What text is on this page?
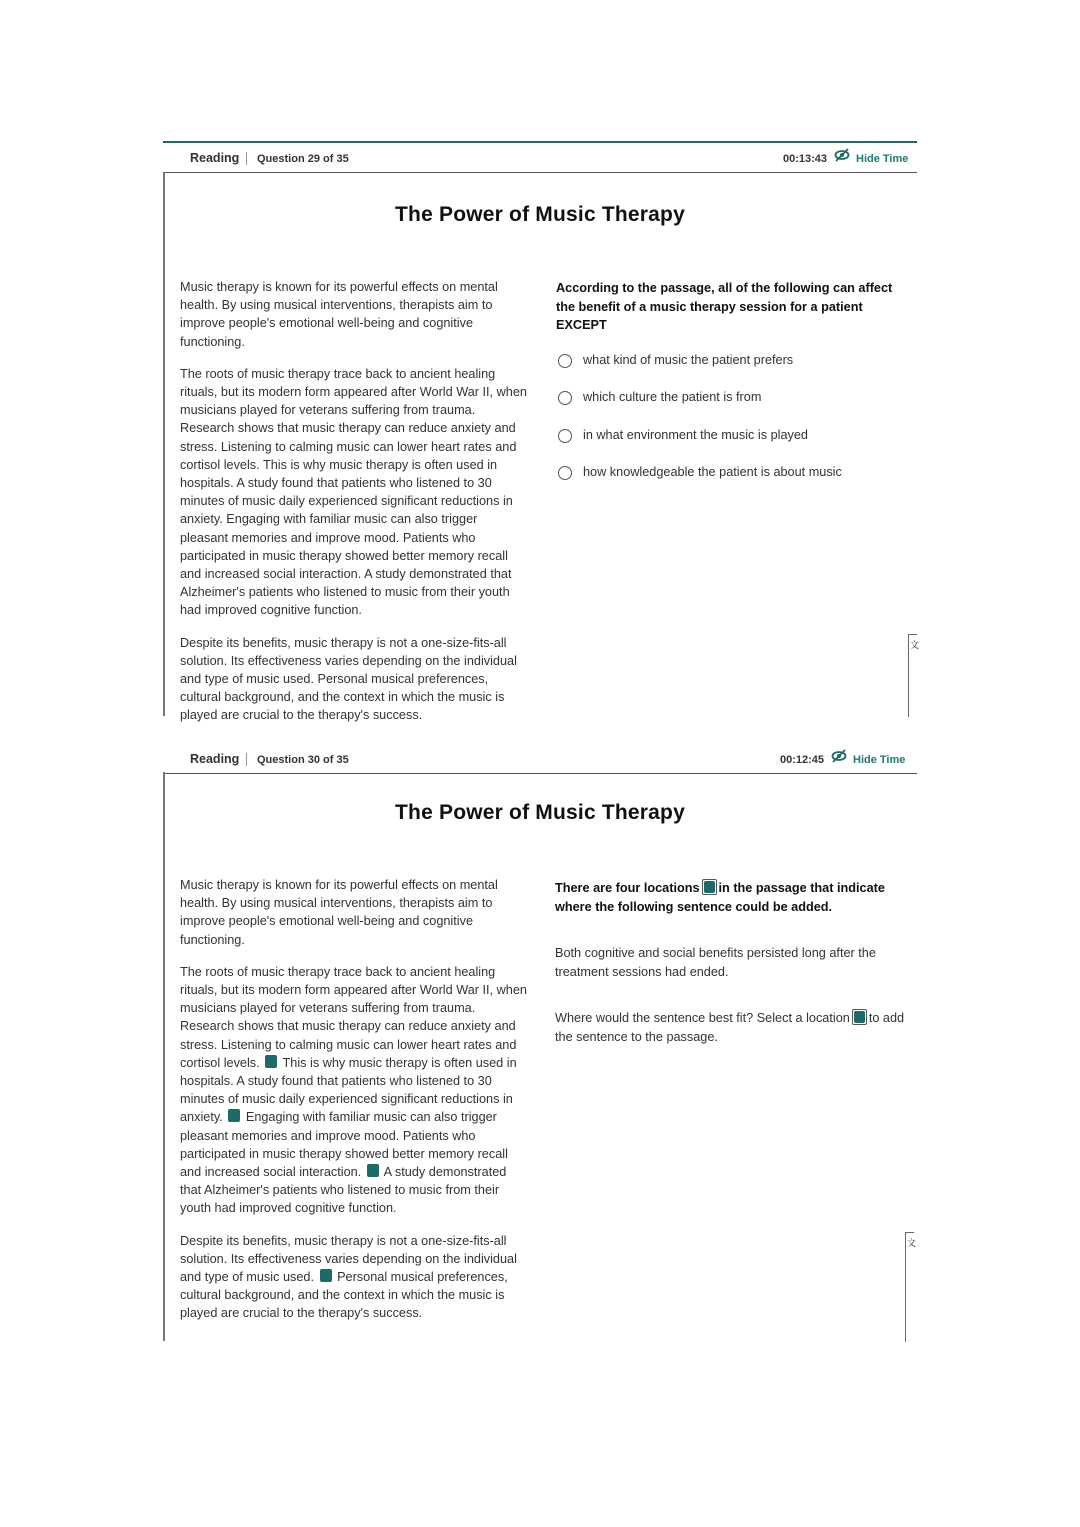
Reading Question 29 of 35	00:13:43	Hide Time
The Power of Music Therapy

Music therapy is known for its powerful effects on mental health. By using musical interventions, therapists aim to improve people's emotional well-being and cognitive functioning.

The roots of music therapy trace back to ancient healing rituals, but its modern form appeared after World War II, when musicians played for veterans suffering from trauma. Research shows that music therapy can reduce anxiety and stress. Listening to calming music can lower heart rates and cortisol levels. This is why music therapy is often used in hospitals. A study found that patients who listened to 30 minutes of music daily experienced significant reductions in anxiety. Engaging with familiar music can also trigger pleasant memories and improve mood. Patients who participated in music therapy showed better memory recall and increased social interaction. A study demonstrated that Alzheimer's patients who listened to music from their youth had improved cognitive function.

Despite its benefits, music therapy is not a one-size-fits-all solution. Its effectiveness varies depending on the individual and type of music used. Personal musical preferences, cultural background, and the context in which the music is played are crucial to the therapy's success.

According to the passage, all of the following can affect the benefit of a music therapy session for a patient EXCEPT
what kind of music the patient prefers
which culture the patient is from
in what environment the music is played
how knowledgeable the patient is about music
文
Reading Question 30 of 35	00:12:45	Hide Time
The Power of Music Therapy

Music therapy is known for its powerful effects on mental health. By using musical interventions, therapists aim to improve people's emotional well-being and cognitive functioning.

The roots of music therapy trace back to ancient healing rituals, but its modern form appeared after World War II, when musicians played for veterans suffering from trauma. Research shows that music therapy can reduce anxiety and stress. Listening to calming music can lower heart rates and cortisol levels. This is why music therapy is often used in hospitals. A study found that patients who listened to 30 minutes of music daily experienced significant reductions in anxiety. Engaging with familiar music can also trigger pleasant memories and improve mood. Patients who participated in music therapy showed better memory recall and increased social interaction. A study demonstrated that Alzheimer's patients who listened to music from their youth had improved cognitive function.

Despite its benefits, music therapy is not a one-size-fits-all solution. Its effectiveness varies depending on the individual and type of music used. Personal musical preferences, cultural background, and the context in which the music is played are crucial to the therapy's success.

There are four locations in the passage that indicate where the following sentence could be added.
Both cognitive and social benefits persisted long after the treatment sessions had ended.
Where would the sentence best fit? Select a location to add the sentence to the passage.
文
